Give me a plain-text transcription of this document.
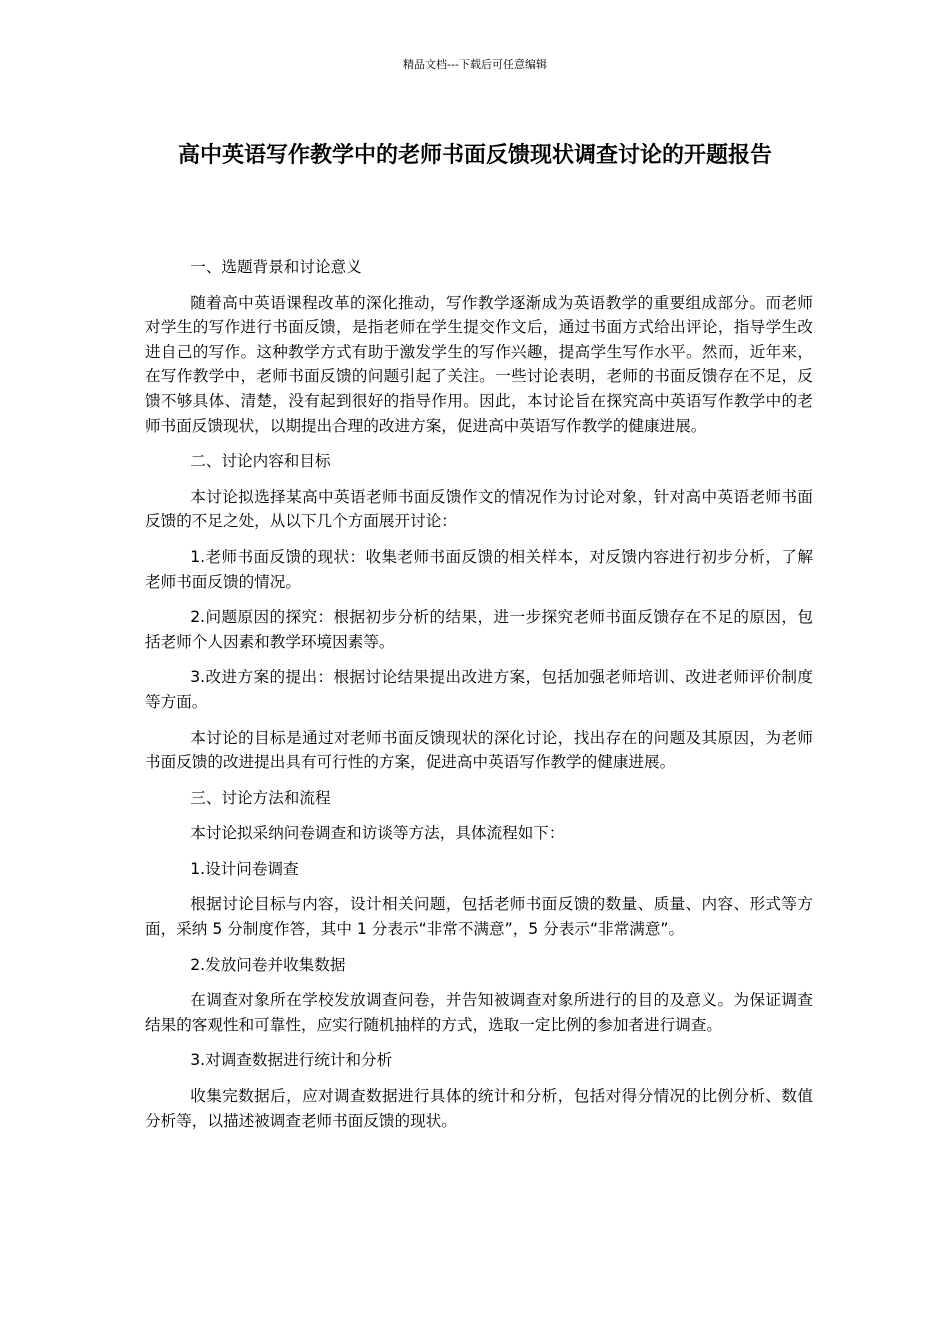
精品文档---下载后可任意编辑
高中英语写作教学中的老师书面反馈现状调查讨论的开题报告

一、选题背景和讨论意义

随着高中英语课程改革的深化推动，写作教学逐渐成为英语教学的重要组成部分。而老师对学生的写作进行书面反馈，是指老师在学生提交作文后，通过书面方式给出评论，指导学生改进自己的写作。这种教学方式有助于激发学生的写作兴趣，提高学生写作水平。然而，近年来，在写作教学中，老师书面反馈的问题引起了关注。一些讨论表明，老师的书面反馈存在不足，反馈不够具体、清楚，没有起到很好的指导作用。因此，本讨论旨在探究高中英语写作教学中的老师书面反馈现状，以期提出合理的改进方案，促进高中英语写作教学的健康进展。

二、讨论内容和目标

本讨论拟选择某高中英语老师书面反馈作文的情况作为讨论对象，针对高中英语老师书面反馈的不足之处，从以下几个方面展开讨论：

1.老师书面反馈的现状：收集老师书面反馈的相关样本，对反馈内容进行初步分析，了解老师书面反馈的情况。

2.问题原因的探究：根据初步分析的结果，进一步探究老师书面反馈存在不足的原因，包括老师个人因素和教学环境因素等。

3.改进方案的提出：根据讨论结果提出改进方案，包括加强老师培训、改进老师评价制度等方面。

本讨论的目标是通过对老师书面反馈现状的深化讨论，找出存在的问题及其原因，为老师书面反馈的改进提出具有可行性的方案，促进高中英语写作教学的健康进展。

三、讨论方法和流程

本讨论拟采纳问卷调查和访谈等方法，具体流程如下：

1.设计问卷调查

根据讨论目标与内容，设计相关问题，包括老师书面反馈的数量、质量、内容、形式等方面，采纳 5 分制度作答，其中 1 分表示“非常不满意”，5 分表示“非常满意”。

2.发放问卷并收集数据

在调查对象所在学校发放调查问卷，并告知被调查对象所进行的目的及意义。为保证调查结果的客观性和可靠性，应实行随机抽样的方式，选取一定比例的参加者进行调查。

3.对调查数据进行统计和分析

收集完数据后，应对调查数据进行具体的统计和分析，包括对得分情况的比例分析、数值分析等，以描述被调查老师书面反馈的现状。
